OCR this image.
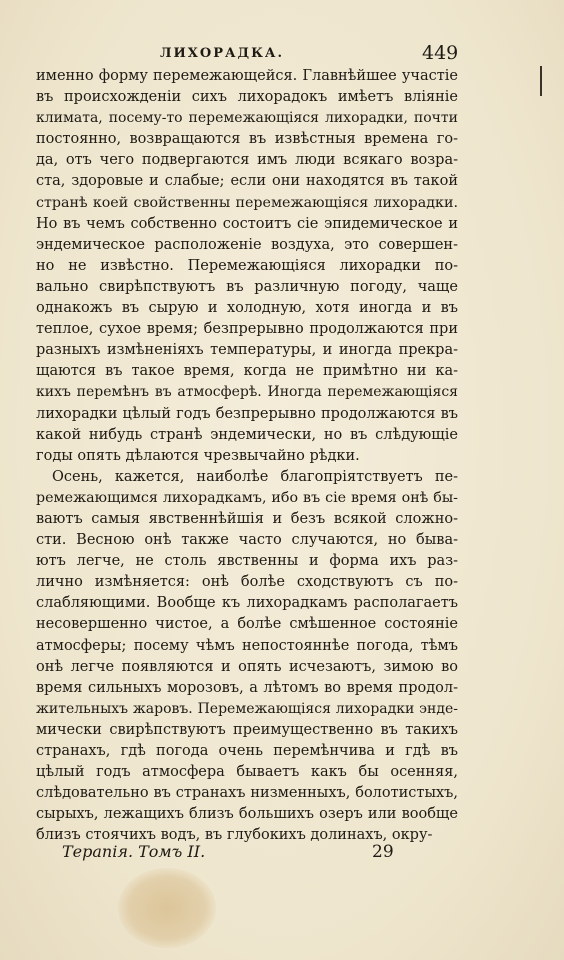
ЛИХОРАДКА.	449
именно форму перемежающейся. Главнѣйшее участіе
въ происхожденіи сихъ лихорадокъ имѣетъ вліяніе
климата, посему-то перемежающіяся лихорадки, почти
постоянно, возвращаются въ извѣстныя времена го-
да, отъ чего подвергаются имъ люди всякаго возра-
ста, здоровые и слабые; если они находятся въ такой
странѣ коей свойственны перемежающіяся лихорадки.
Но въ чемъ собственно состоитъ сіе эпидемическое и
эндемическое расположеніе воздуха, это совершен-
но не извѣстно. Перемежающіяся лихорадки по-
вально свирѣпствуютъ въ различную погоду, чаще
однакожъ въ сырую и холодную, хотя иногда и въ
теплое, сухое время; безпрерывно продолжаются при
разныхъ измѣненіяхъ температуры, и иногда прекра-
щаются въ такое время, когда не примѣтно ни ка-
кихъ перемѣнъ въ атмосферѣ. Иногда перемежающіяся
лихорадки цѣлый годъ безпрерывно продолжаются въ
какой нибудь странѣ эндемически, но въ слѣдующіе
годы опять дѣлаются чрезвычайно рѣдки.
Осень, кажется, наиболѣе благопріятствуетъ пе-
ремежающимся лихорадкамъ, ибо въ сіе время онѣ бы-
ваютъ самыя явственнѣйшія и безъ всякой сложно-
сти. Весною онѣ также часто случаются, но быва-
ютъ легче, не столь явственны и форма ихъ раз-
лично измѣняется: онѣ болѣе сходствуютъ съ по-
слабляющими. Вообще къ лихорадкамъ располагаетъ
несовершенно чистое, а болѣе смѣшенное состояніе
атмосферы; посему чѣмъ непостояннѣе погода, тѣмъ
онѣ легче появляются и опять исчезаютъ, зимою во
время сильныхъ морозовъ, а лѣтомъ во время продол-
жительныхъ жаровъ. Перемежающіяся лихорадки энде-
мически свирѣпствуютъ преимущественно въ такихъ
странахъ, гдѣ погода очень перемѣнчива и гдѣ въ
цѣлый годъ атмосфера бываетъ какъ бы осенняя,
слѣдовательно въ странахъ низменныхъ, болотистыхъ,
сырыхъ, лежащихъ близъ большихъ озеръ или вообще
близъ стоячихъ водъ, въ глубокихъ долинахъ, окру-
Терапія. Томъ II.	29
